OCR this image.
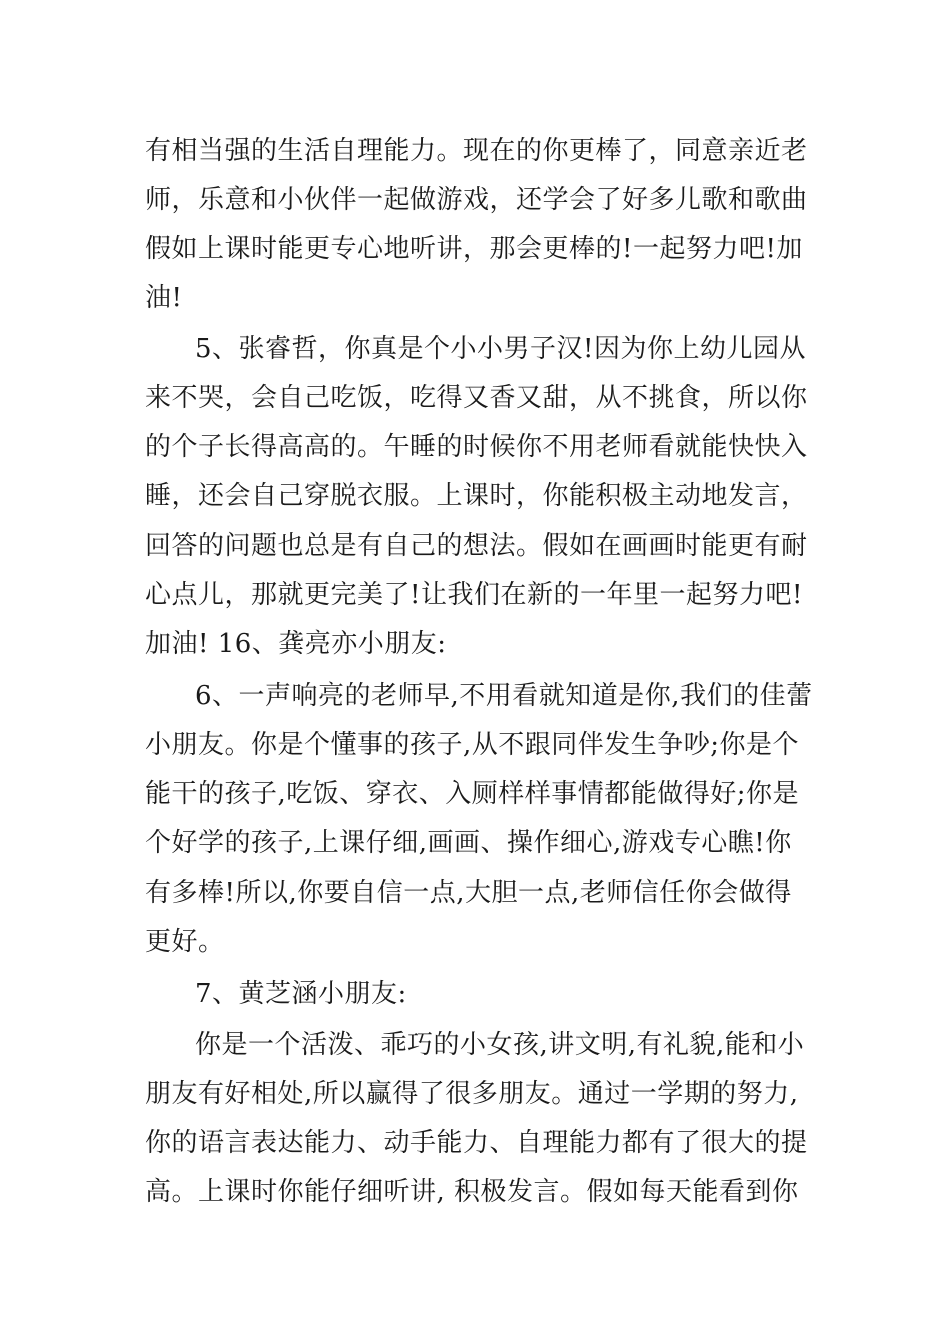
有相当强的生活自理能力。现在的你更棒了，同意亲近老
师，乐意和小伙伴一起做游戏，还学会了好多儿歌和歌曲
假如上课时能更专心地听讲，那会更棒的!一起努力吧!加
油!
5、张睿哲，你真是个小小男子汉!因为你上幼儿园从
来不哭，会自己吃饭，吃得又香又甜，从不挑食，所以你
的个子长得高高的。午睡的时候你不用老师看就能快快入
睡，还会自己穿脱衣服。上课时，你能积极主动地发言，
回答的问题也总是有自己的想法。假如在画画时能更有耐
心点儿，那就更完美了!让我们在新的一年里一起努力吧!
加油! 16、龚亮亦小朋友:
6、一声响亮的老师早,不用看就知道是你,我们的佳蕾
小朋友。你是个懂事的孩子,从不跟同伴发生争吵;你是个
能干的孩子,吃饭、穿衣、入厕样样事情都能做得好;你是
个好学的孩子,上课仔细,画画、操作细心,游戏专心瞧!你
有多棒!所以,你要自信一点,大胆一点,老师信任你会做得
更好。
7、黄芝涵小朋友:
你是一个活泼、乖巧的小女孩,讲文明,有礼貌,能和小
朋友有好相处,所以赢得了很多朋友。通过一学期的努力,
你的语言表达能力、动手能力、自理能力都有了很大的提
高。上课时你能仔细听讲, 积极发言。假如每天能看到你
